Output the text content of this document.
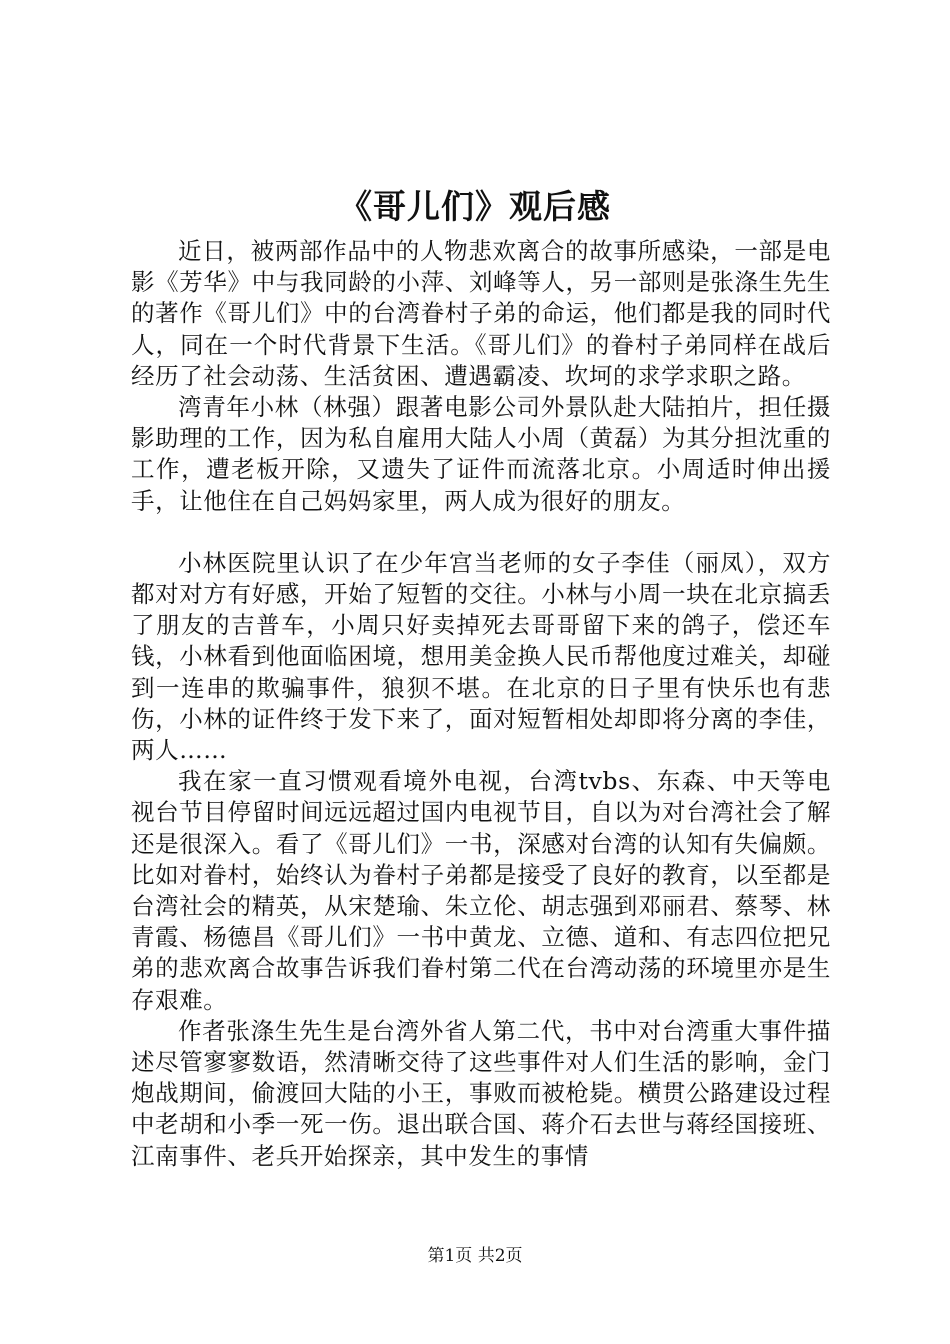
《哥儿们》观后感

近日，被两部作品中的人物悲欢离合的故事所感染，一部是电影《芳华》中与我同龄的小萍、刘峰等人，另一部则是张涤生先生的著作《哥儿们》中的台湾眷村子弟的命运，他们都是我的同时代人，同在一个时代背景下生活。《哥儿们》的眷村子弟同样在战后经历了社会动荡、生活贫困、遭遇霸凌、坎坷的求学求职之路。

湾青年小林（林强）跟著电影公司外景队赴大陆拍片，担任摄影助理的工作，因为私自雇用大陆人小周（黄磊）为其分担沈重的工作，遭老板开除，又遗失了证件而流落北京。小周适时伸出援手，让他住在自己妈妈家里，两人成为很好的朋友。

小林医院里认识了在少年宫当老师的女子李佳（丽凤），双方都对对方有好感，开始了短暂的交往。小林与小周一块在北京搞丢了朋友的吉普车，小周只好卖掉死去哥哥留下来的鸽子，偿还车钱，小林看到他面临困境，想用美金换人民币帮他度过难关，却碰到一连串的欺骗事件，狼狈不堪。在北京的日子里有快乐也有悲伤，小林的证件终于发下来了，面对短暂相处却即将分离的李佳，两人……

我在家一直习惯观看境外电视，台湾tvbs、东森、中天等电视台节目停留时间远远超过国内电视节目，自以为对台湾社会了解还是很深入。看了《哥儿们》一书，深感对台湾的认知有失偏颇。比如对眷村，始终认为眷村子弟都是接受了良好的教育，以至都是台湾社会的精英，从宋楚瑜、朱立伦、胡志强到邓丽君、蔡琴、林青霞、杨德昌《哥儿们》一书中黄龙、立德、道和、有志四位把兄弟的悲欢离合故事告诉我们眷村第二代在台湾动荡的环境里亦是生存艰难。

作者张涤生先生是台湾外省人第二代，书中对台湾重大事件描述尽管寥寥数语，然清晰交待了这些事件对人们生活的影响，金门炮战期间，偷渡回大陆的小王，事败而被枪毙。横贯公路建设过程中老胡和小季一死一伤。退出联合国、蒋介石去世与蒋经国接班、江南事件、老兵开始探亲，其中发生的事情

第1页 共2页
